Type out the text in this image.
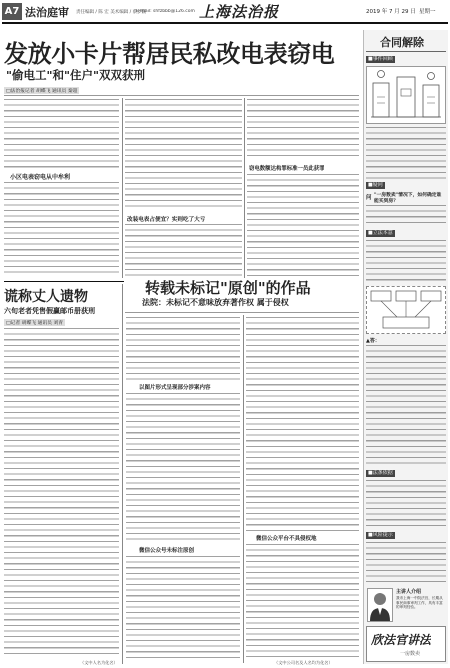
A7 法治庭审 责任编辑 / 陈 宏 美术编辑 / 蔡梦颖
E-mail: shfzbbb@126.com 上海法治报	2019 年 7 月 29 日 星期一
发放小卡片帮居民私改电表窃电
"偷电工"和"住户"双双获刑
□法治报记者 胡蝶飞 通讯员 秦超
小区电表窃电从中牟利
改装电表占便宜？实则吃了大亏
窃电数额达构罪标准一员此获罪
谎称丈人遗物
六旬老者凭售假赢邮币册获刑
□记者 胡蝶飞 通讯员 刘青
（文中人名为化名）
转载未标记"原创"的作品
法院：未标记不意味放弃著作权 属于侵权
以图片形式呈现部分涉案内容
微信公众号未标注原创
微信公众平台不具侵权地
（文中公司名及人名均为化名）
合同解除
■事件回顾
■疑问
问 "一房数卖"情况下，如何确定谁能买到房？
■立法本意
▲答：
■法条依据
■风险提示
主讲人介绍
我市上海一中院法官，长期从事民商事审判工作，具有丰富的审判经验。
欣法官讲法
一房数卖
